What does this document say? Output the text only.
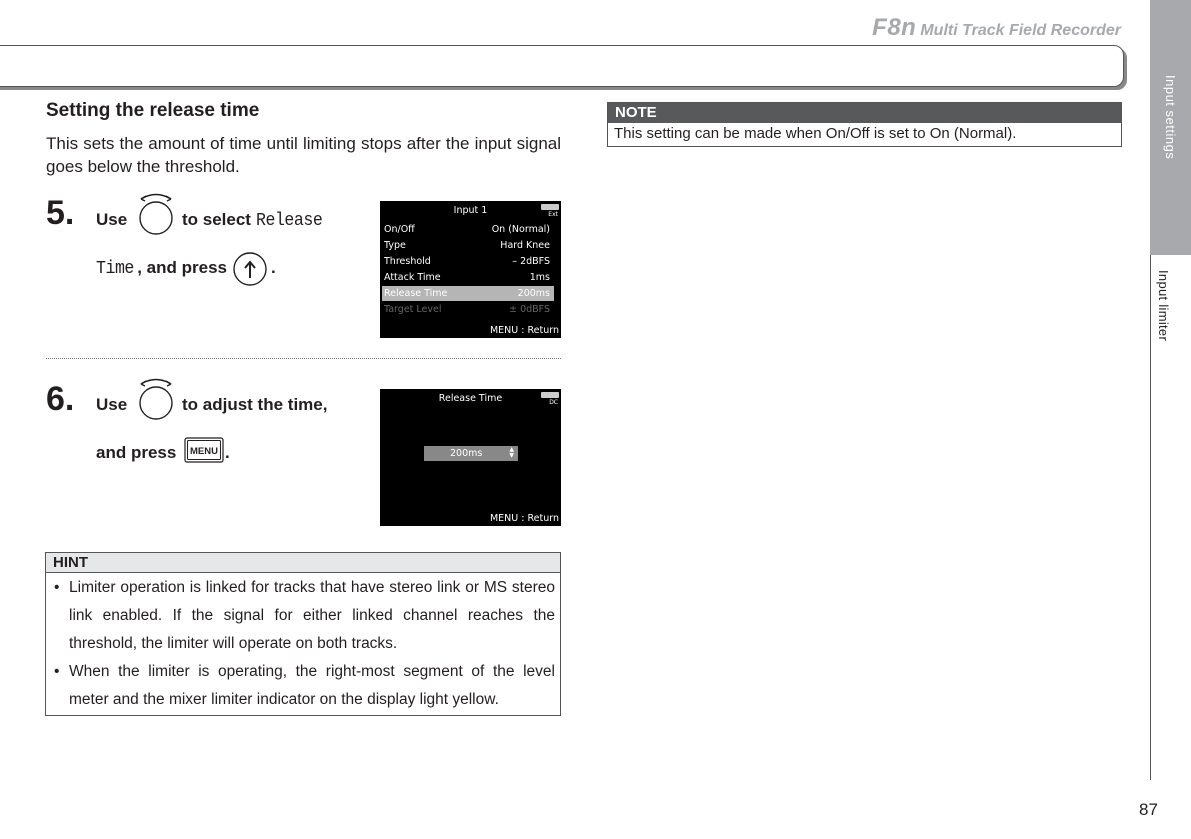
F8n Multi Track Field Recorder
Input settings
Input limiter
87
Setting the release time
This sets the amount of time until limiting stops after the input signal goes below the threshold.
5. Use	to select Release
Time , and press	.
Input 1	Ext
On/Off	On (Normal)
Type	Hard Knee
Threshold	– 2dBFS
Attack Time	1ms
Release Time	200ms
Target Level	± 0dBFS
MENU : Return
6. Use	to adjust the time,
and press MENU .
Release Time	DC
200ms	▲
▼
MENU : Return
HINT
• Limiter operation is linked for tracks that have stereo link or MS stereo link enabled. If the signal for either linked channel reaches the threshold, the limiter will operate on both tracks.
• When the limiter is operating, the right-most segment of the level meter and the mixer limiter indicator on the display light yellow.
NOTE
This setting can be made when On/Off is set to On (Normal).
